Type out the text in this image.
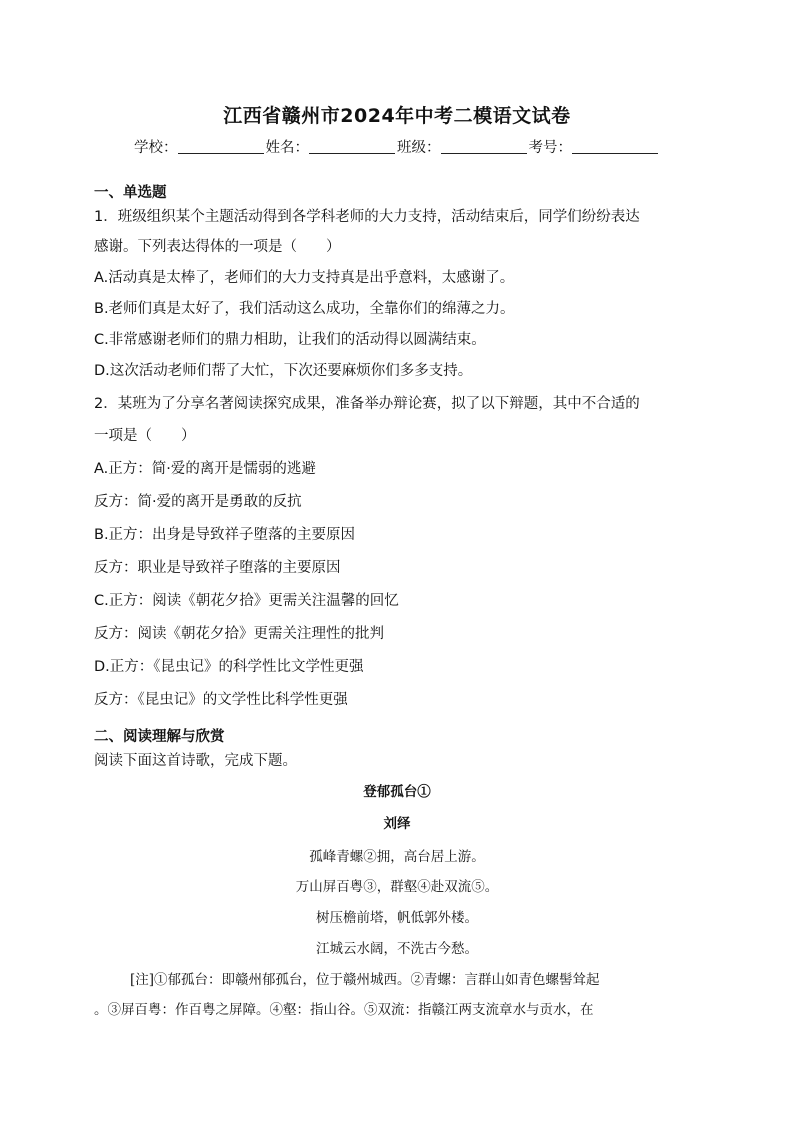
江西省赣州市2024年中考二模语文试卷
学校：	姓名：	班级：	考号：
一、单选题
1．班级组织某个主题活动得到各学科老师的大力支持，活动结束后，同学们纷纷表达
感谢。下列表达得体的一项是（　　）
A.活动真是太棒了，老师们的大力支持真是出乎意料，太感谢了。
B.老师们真是太好了，我们活动这么成功，全靠你们的绵薄之力。
C.非常感谢老师们的鼎力相助，让我们的活动得以圆满结束。
D.这次活动老师们帮了大忙，下次还要麻烦你们多多支持。
2．某班为了分享名著阅读探究成果，准备举办辩论赛，拟了以下辩题，其中不合适的
一项是（　　）
A.正方：简·爱的离开是懦弱的逃避
反方：简·爱的离开是勇敢的反抗
B.正方：出身是导致祥子堕落的主要原因
反方：职业是导致祥子堕落的主要原因
C.正方：阅读《朝花夕拾》更需关注温馨的回忆
反方：阅读《朝花夕拾》更需关注理性的批判
D.正方：《昆虫记》的科学性比文学性更强
反方：《昆虫记》的文学性比科学性更强
二、阅读理解与欣赏
阅读下面这首诗歌，完成下题。
登郁孤台①
刘绎
孤峰青螺②拥，高台居上游。
万山屏百粤③，群壑④赴双流⑤。
树压檐前塔，帆低郭外楼。
江城云水阔，不洗古今愁。
[注]①郁孤台：即赣州郁孤台，位于赣州城西。②青螺：言群山如青色螺髻耸起
。③屏百粤：作百粤之屏障。④壑：指山谷。⑤双流：指赣江两支流章水与贡水，在
